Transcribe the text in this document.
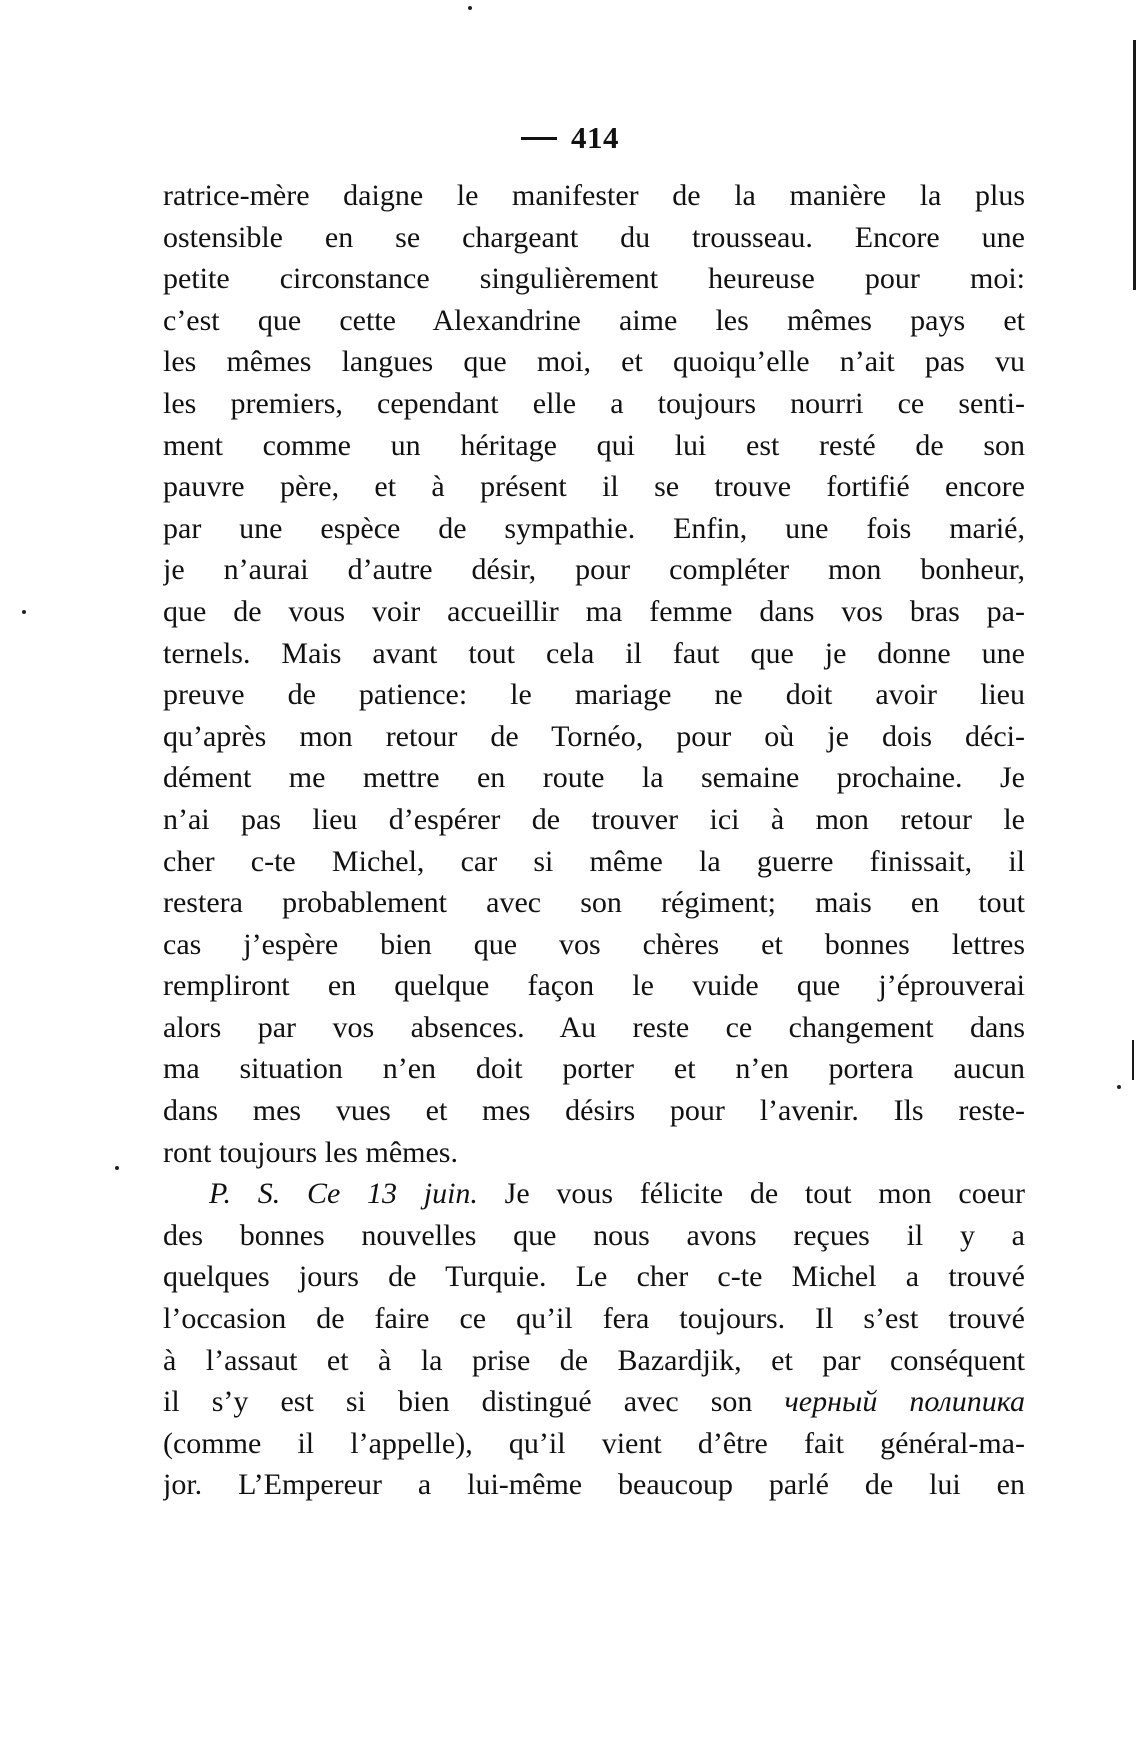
414
ratrice-mère daigne le manifester de la manière la plus
ostensible en se chargeant du trousseau. Encore une
petite circonstance singulièrement heureuse pour moi:
c’est que cette Alexandrine aime les mêmes pays et
les mêmes langues que moi, et quoiqu’elle n’ait pas vu
les premiers, cependant elle a toujours nourri ce senti-
ment comme un héritage qui lui est resté de son
pauvre père, et à présent il se trouve fortifié encore
par une espèce de sympathie. Enfin, une fois marié,
je n’aurai d’autre désir, pour compléter mon bonheur,
que de vous voir accueillir ma femme dans vos bras pa-
ternels. Mais avant tout cela il faut que je donne une
preuve de patience: le mariage ne doit avoir lieu
qu’après mon retour de Tornéo, pour où je dois déci-
dément me mettre en route la semaine prochaine. Je
n’ai pas lieu d’espérer de trouver ici à mon retour le
cher c-te Michel, car si même la guerre finissait, il
restera probablement avec son régiment; mais en tout
cas j’espère bien que vos chères et bonnes lettres
rempliront en quelque façon le vuide que j’éprouverai
alors par vos absences. Au reste ce changement dans
ma situation n’en doit porter et n’en portera aucun
dans mes vues et mes désirs pour l’avenir. Ils reste-
ront toujours les mêmes.
P. S. Ce 13 juin. Je vous félicite de tout mon coeur
des bonnes nouvelles que nous avons reçues il y a
quelques jours de Turquie. Le cher c-te Michel a trouvé
l’occasion de faire ce qu’il fera toujours. Il s’est trouvé
à l’assaut et à la prise de Bazardjik, et par conséquent
il s’y est si bien distingué avec son черный полипика
(comme il l’appelle), qu’il vient d’être fait général-ma-
jor. L’Empereur a lui-même beaucoup parlé de lui en
